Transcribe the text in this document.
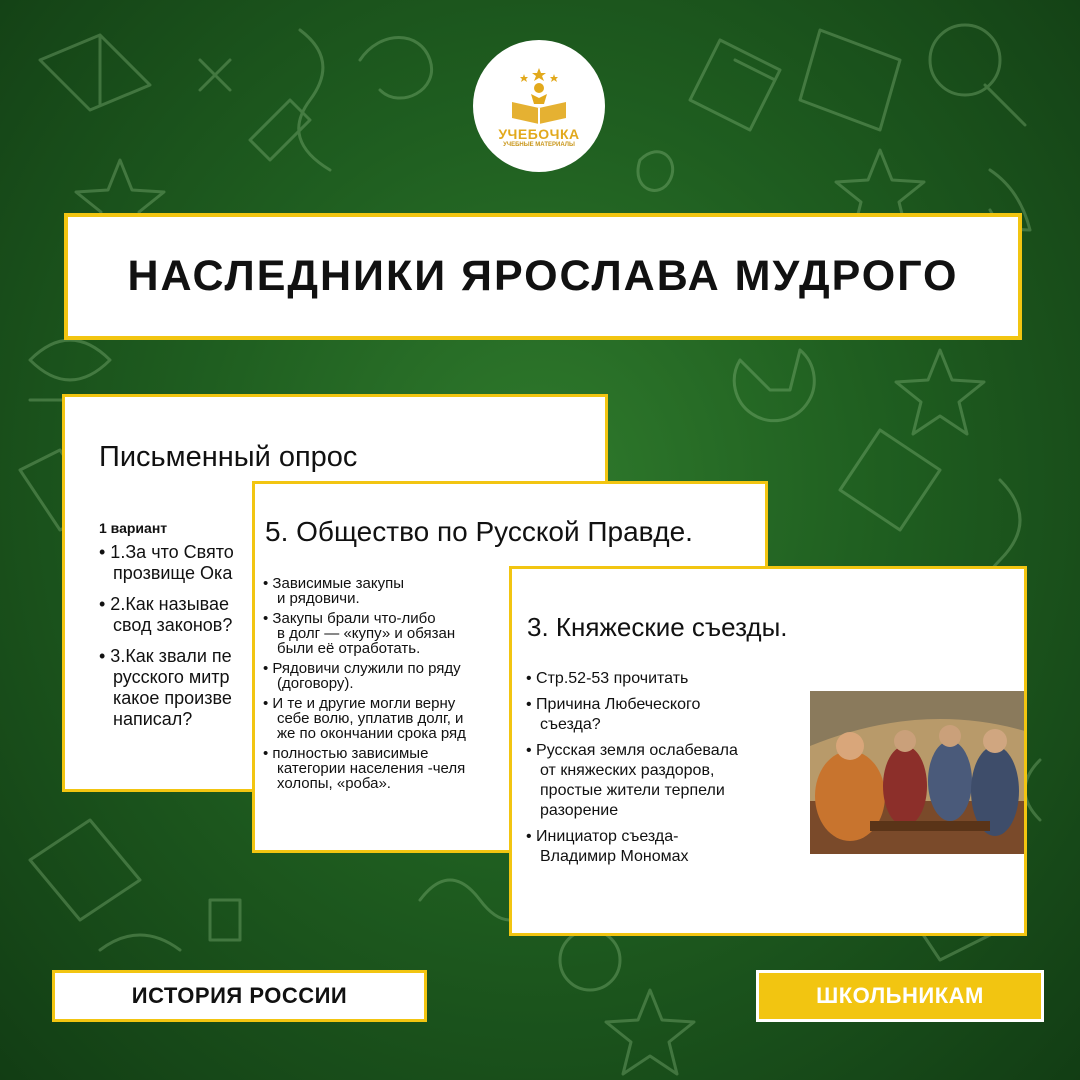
УЧЕБОЧКА
УЧЕБНЫЕ МАТЕРИАЛЫ
НАСЛЕДНИКИ ЯРОСЛАВА МУДРОГО
Письменный опрос
1 вариант
• 1.За что Свято
прозвище Ока
• 2.Как называе
свод законов?
• 3.Как звали пе
русского митр
какое произве
написал?
5. Общество по Русской Правде.
• Зависимые закупы
и рядовичи.
• Закупы брали что-либо
в долг — «купу» и обязан
были её отработать.
• Рядовичи служили по ряду
(договору).
• И те и другие могли верну
себе волю, уплатив долг, и
же по окончании срока ряд
• полностью зависимые
категории населения -челя
холопы, «роба».
3. Княжеские съезды.
• Стр.52-53 прочитать
• Причина Любеческого
съезда?
• Русская земля ослабевала
от княжеских раздоров,
простые жители терпели
разорение
• Инициатор съезда-
Владимир Мономах
ИСТОРИЯ РОССИИ	ШКОЛЬНИКАМ
